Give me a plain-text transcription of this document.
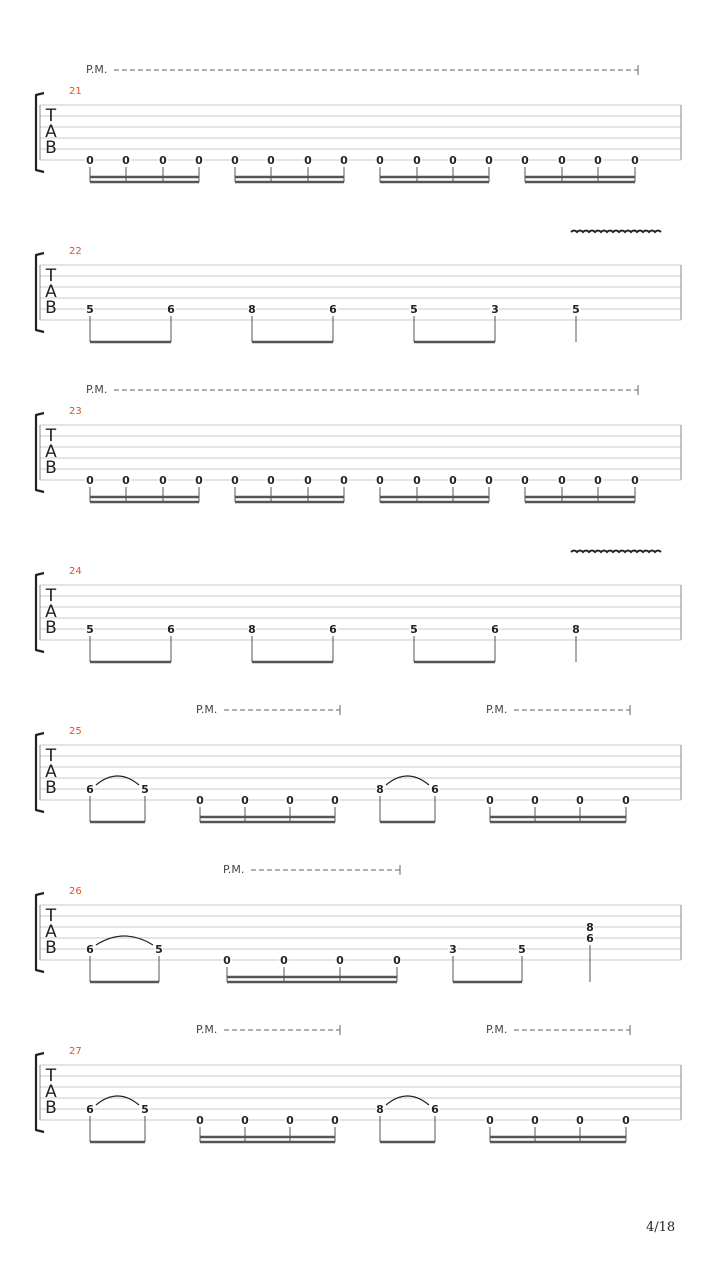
21
T
A
B
P.M.
0	0	0	0	0	0	0	0	0	0	0	0	0	0	0	0
22
T
A
B	5	6	8	6	5	3	5
23
T
A
B
P.M.
0	0	0	0	0	0	0	0	0	0	0	0	0	0	0	0
24
T
A
B	5	6	8	6	5	6	8
25
T
A
B
P.M.	P.M.
6	5
0	0	0	0
8	6
0	0	0	0
26
T
A
B
P.M.
6	5
0	0	0	0
3	5
8
6
27
T
A
B
P.M.	P.M.
6	5
0	0	0	0
8	6
0	0	0	0
4/18
